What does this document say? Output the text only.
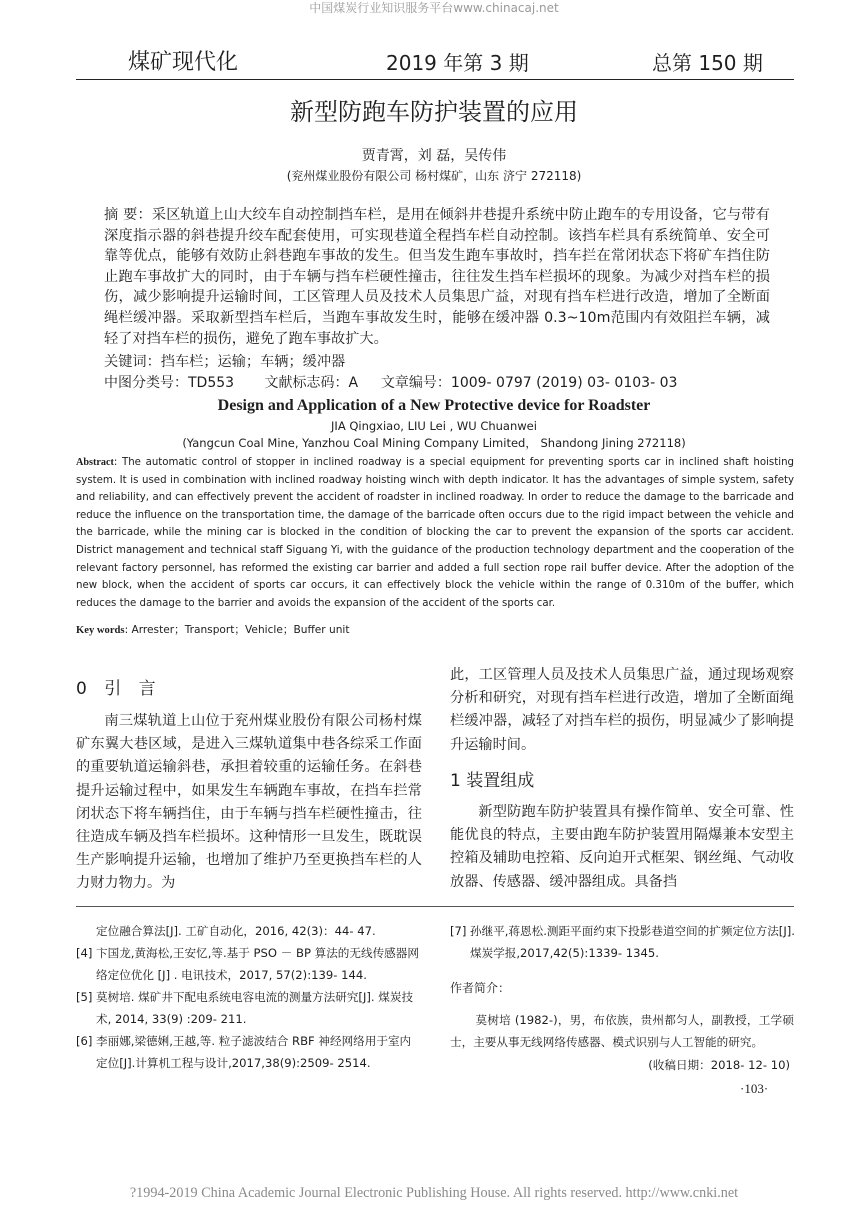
中国煤炭行业知识服务平台www.chinacaj.net
煤矿现代化	2019 年第 3 期	总第 150 期
新型防跑车防护装置的应用
贾青霄，刘 磊，吴传伟
(兖州煤业股份有限公司 杨村煤矿，山东 济宁 272118)

摘 要：采区轨道上山大绞车自动控制挡车栏，是用在倾斜井巷提升系统中防止跑车的专用设备，它与带有深度指示器的斜巷提升绞车配套使用，可实现巷道全程挡车栏自动控制。该挡车栏具有系统简单、安全可靠等优点，能够有效防止斜巷跑车事故的发生。但当发生跑车事故时，挡车拦在常闭状态下将矿车挡住防止跑车事故扩大的同时，由于车辆与挡车栏硬性撞击，往往发生挡车栏损坏的现象。为减少对挡车栏的损伤，减少影响提升运输时间，工区管理人员及技术人员集思广益，对现有挡车栏进行改造，增加了全断面绳栏缓冲器。采取新型挡车栏后，当跑车事故发生时，能够在缓冲器 0.3~10m范围内有效阻拦车辆，减轻了对挡车栏的损伤，避免了跑车事故扩大。

关键词：挡车栏；运输；车辆；缓冲器
中图分类号：TD553 文献标志码：A 文章编号：1009- 0797 (2019) 03- 0103- 03
Design and Application of a New Protective device for Roadster
JIA Qingxiao, LIU Lei , WU Chuanwei
(Yangcun Coal Mine, Yanzhou Coal Mining Company Limited， Shandong Jining 272118)

Abstract: The automatic control of stopper in inclined roadway is a special equipment for preventing sports car in inclined shaft hoisting system. It is used in combination with inclined roadway hoisting winch with depth indicator. It has the advantages of simple system, safety and reliability, and can effectively prevent the accident of roadster in inclined roadway. In order to reduce the damage to the barricade and reduce the influence on the transportation time, the damage of the barricade often occurs due to the rigid impact between the vehicle and the barricade, while the mining car is blocked in the condition of blocking the car to prevent the expansion of the sports car accident. District management and technical staff Siguang Yi, with the guidance of the production technology department and the cooperation of the relevant factory personnel, has reformed the existing car barrier and added a full section rope rail buffer device. After the adoption of the new block, when the accident of sports car occurs, it can effectively block the vehicle within the range of 0.310m of the buffer, which reduces the damage to the barrier and avoids the expansion of the accident of the sports car.

Key words: Arrester；Transport；Vehicle；Buffer unit
0 引 言

南三煤轨道上山位于兖州煤业股份有限公司杨村煤矿东翼大巷区域，是进入三煤轨道集中巷各综采工作面的重要轨道运输斜巷，承担着较重的运输任务。在斜巷提升运输过程中，如果发生车辆跑车事故，在挡车拦常闭状态下将车辆挡住，由于车辆与挡车栏硬性撞击，往往造成车辆及挡车栏损坏。这种情形一旦发生，既耽误生产影响提升运输，也增加了维护乃至更换挡车栏的人力财力物力。为

此，工区管理人员及技术人员集思广益，通过现场观察分析和研究，对现有挡车栏进行改造，增加了全断面绳栏缓冲器，减轻了对挡车栏的损伤，明显减少了影响提升运输时间。

1 装置组成

新型防跑车防护装置具有操作简单、安全可靠、性能优良的特点，主要由跑车防护装置用隔爆兼本安型主控箱及辅助电控箱、反向迫开式框架、钢丝绳、气动收放器、传感器、缓冲器组成。具备挡

定位融合算法[J]. 工矿自动化，2016, 42(3)：44- 47.

[4] 卞国龙,黄海松,王安忆,等.基于 PSO － BP 算法的无线传感器网络定位优化 [J] . 电讯技术，2017, 57(2):139- 144.

[5] 莫树培. 煤矿井下配电系统电容电流的测量方法研究[J]. 煤炭技术, 2014, 33(9) :209- 211.

[6] 李丽娜,梁德娳,王越,等. 粒子滤波结合 RBF 神经网络用于室内定位[J].计算机工程与设计,2017,38(9):2509- 2514.

[7] 孙继平,蒋恩松.测距平面约束下投影巷道空间的扩频定位方法[J].煤炭学报,2017,42(5):1339- 1345.

作者简介：

莫树培 (1982-)，男，布依族，贵州都匀人，副教授，工学硕士，主要从事无线网络传感器、模式识别与人工智能的研究。

(收稿日期：2018- 12- 10)
·103·
?1994-2019 China Academic Journal Electronic Publishing House. All rights reserved. http://www.cnki.net
